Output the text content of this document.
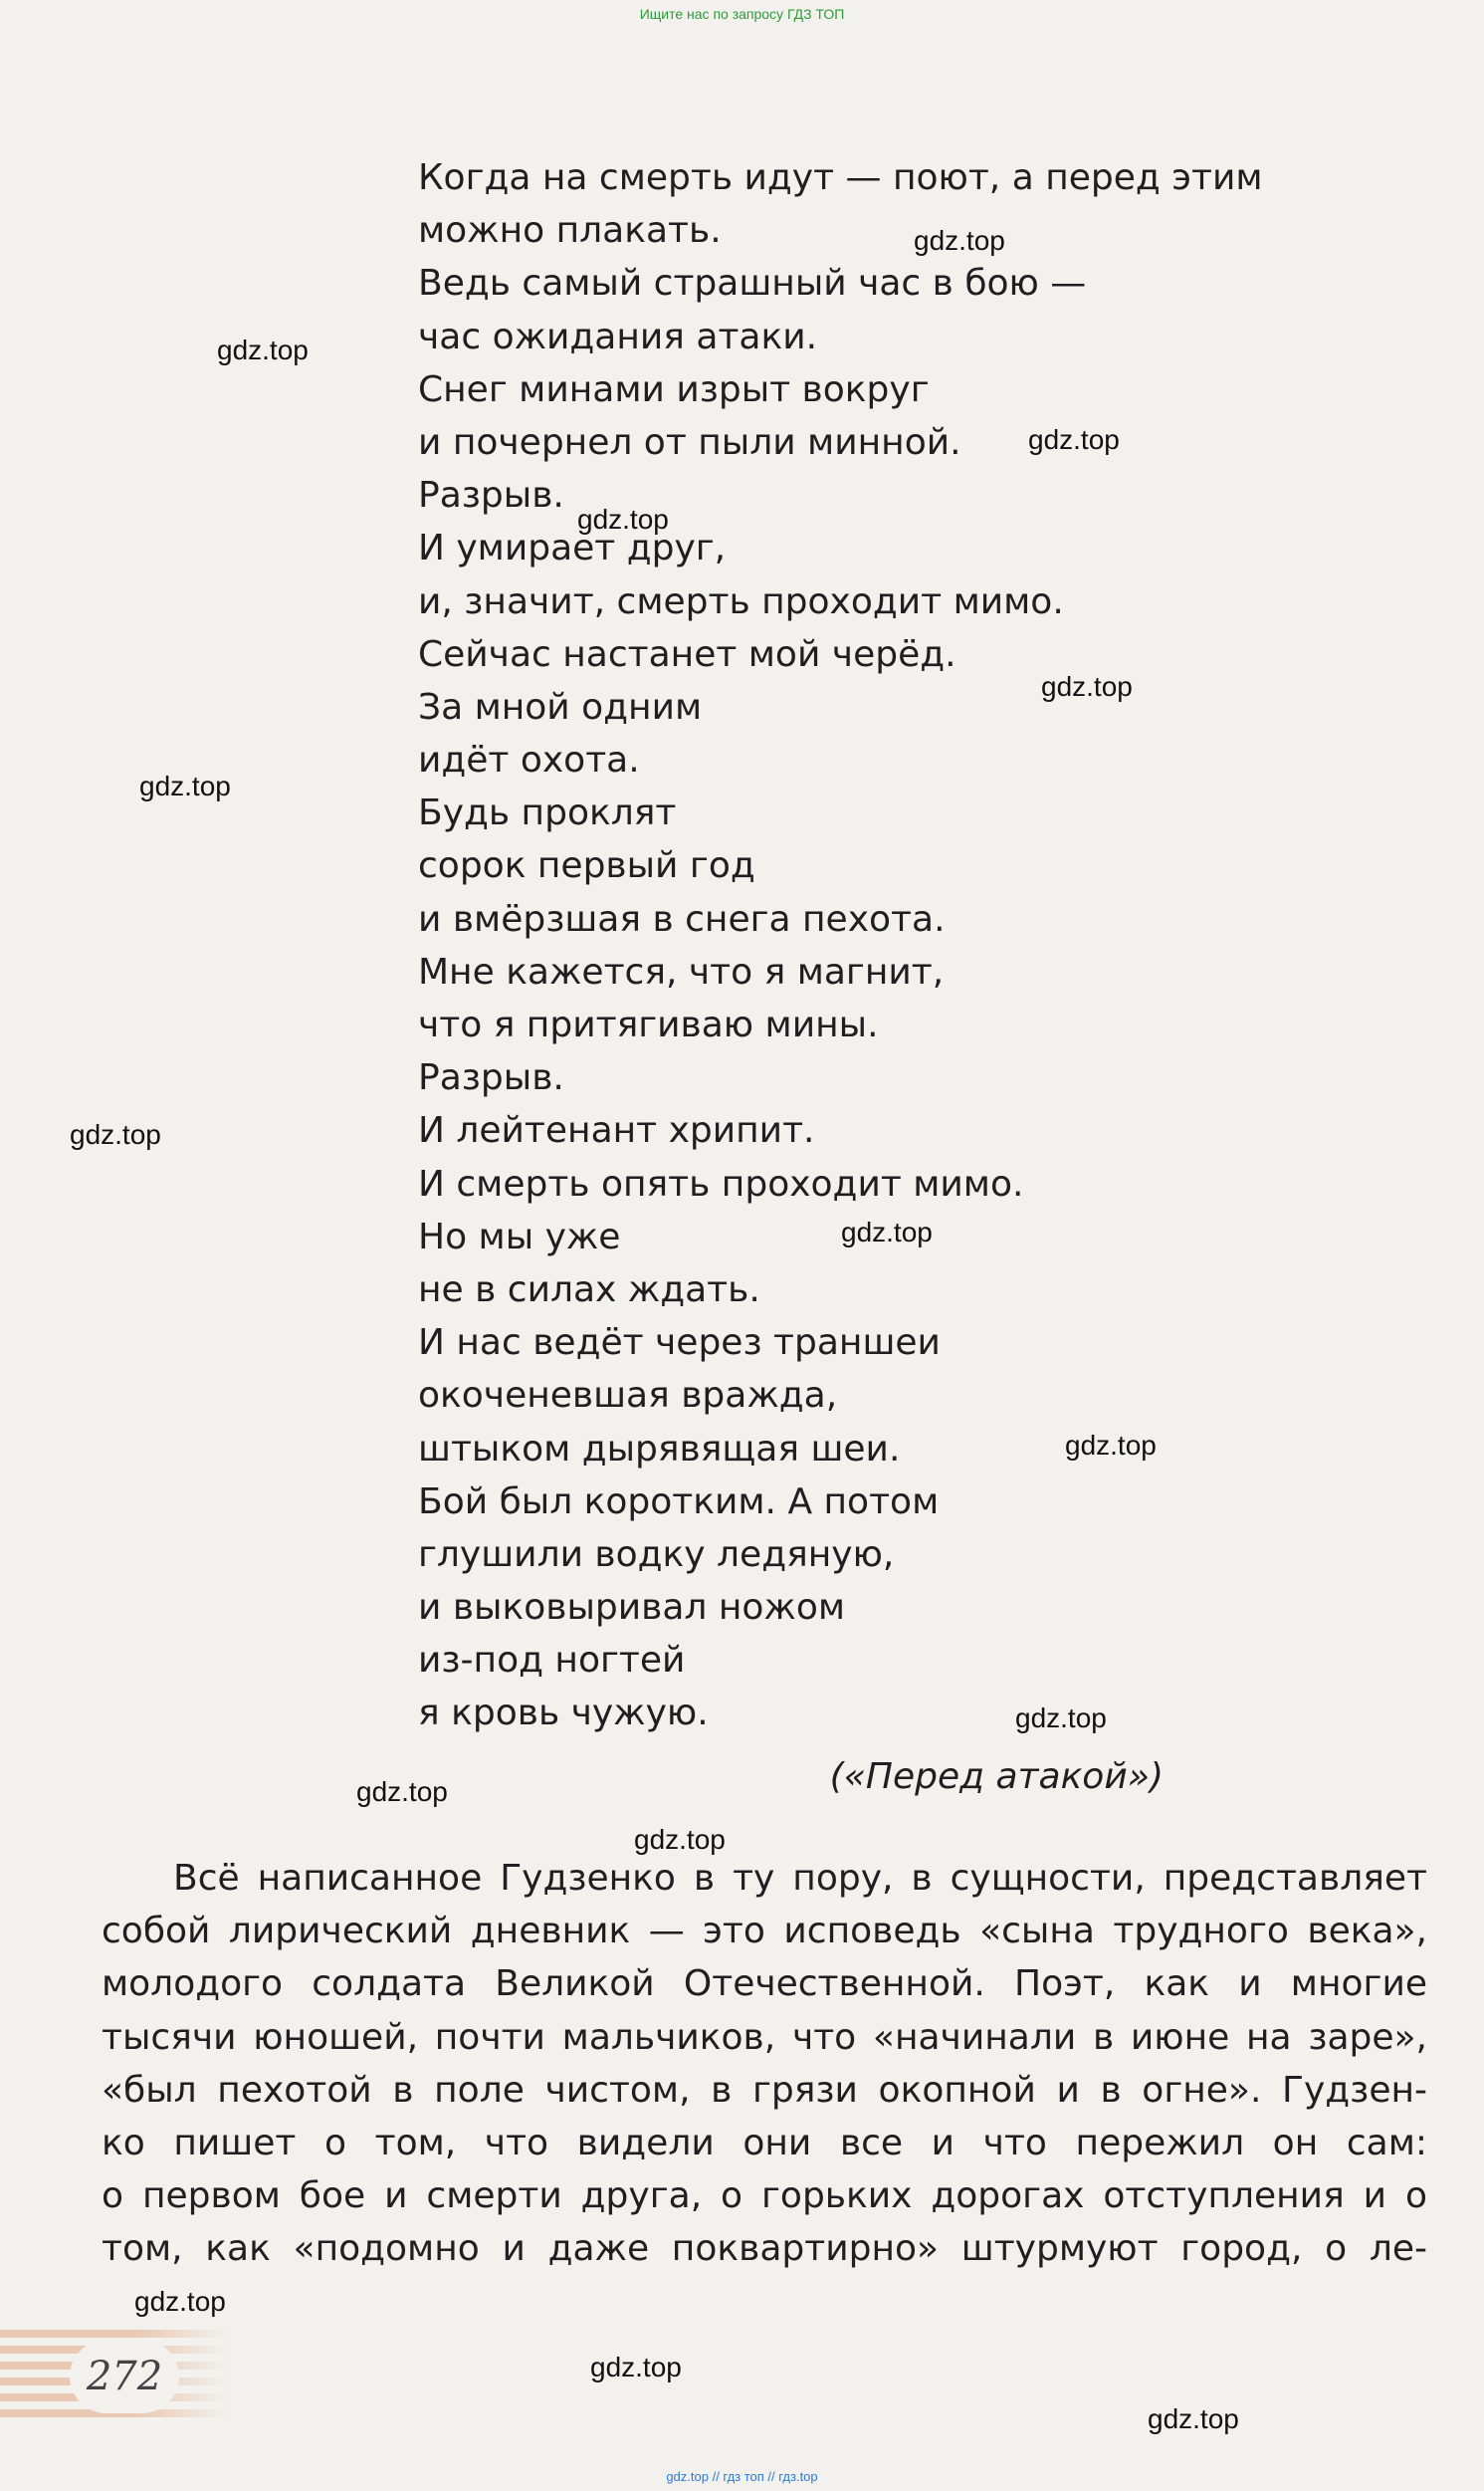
Ищите нас по запросу ГДЗ ТОП
Когда на смерть идут — поют, а перед этим
можно плакать.
Ведь самый страшный час в бою —
час ожидания атаки.
Снег минами изрыт вокруг
и почернел от пыли минной.
Разрыв.
И умирает друг,
и, значит, смерть проходит мимо.
Сейчас настанет мой черёд.
За мной одним
идёт охота.
Будь проклят
сорок первый год
и вмёрзшая в снега пехота.
Мне кажется, что я магнит,
что я притягиваю мины.
Разрыв.
И лейтенант хрипит.
И смерть опять проходит мимо.
Но мы уже
не в силах ждать.
И нас ведёт через траншеи
окоченевшая вражда,
штыком дырявящая шеи.
Бой был коротким. А потом
глушили водку ледяную,
и выковыривал ножом
из-под ногтей
я кровь чужую.
(«Перед атакой»)
Всё написанное Гудзенко в ту пору, в сущности, представляет
собой лирический дневник — это исповедь «сына трудного века»,
молодого солдата Великой Отечественной. Поэт, как и многие
тысячи юношей, почти мальчиков, что «начинали в июне на заре»,
«был пехотой в поле чистом, в грязи окопной и в огне». Гудзен-
ко пишет о том, что видели они все и что пережил он сам:
о первом бое и смерти друга, о горьких дорогах отступления и о
том, как «подомно и даже поквартирно» штурмуют город, о ле-
gdz.top
gdz.top
gdz.top
gdz.top
gdz.top
gdz.top
gdz.top
gdz.top
gdz.top
gdz.top
gdz.top
gdz.top
gdz.top
gdz.top
gdz.top
272
gdz.top // гдз топ // гдз.top
